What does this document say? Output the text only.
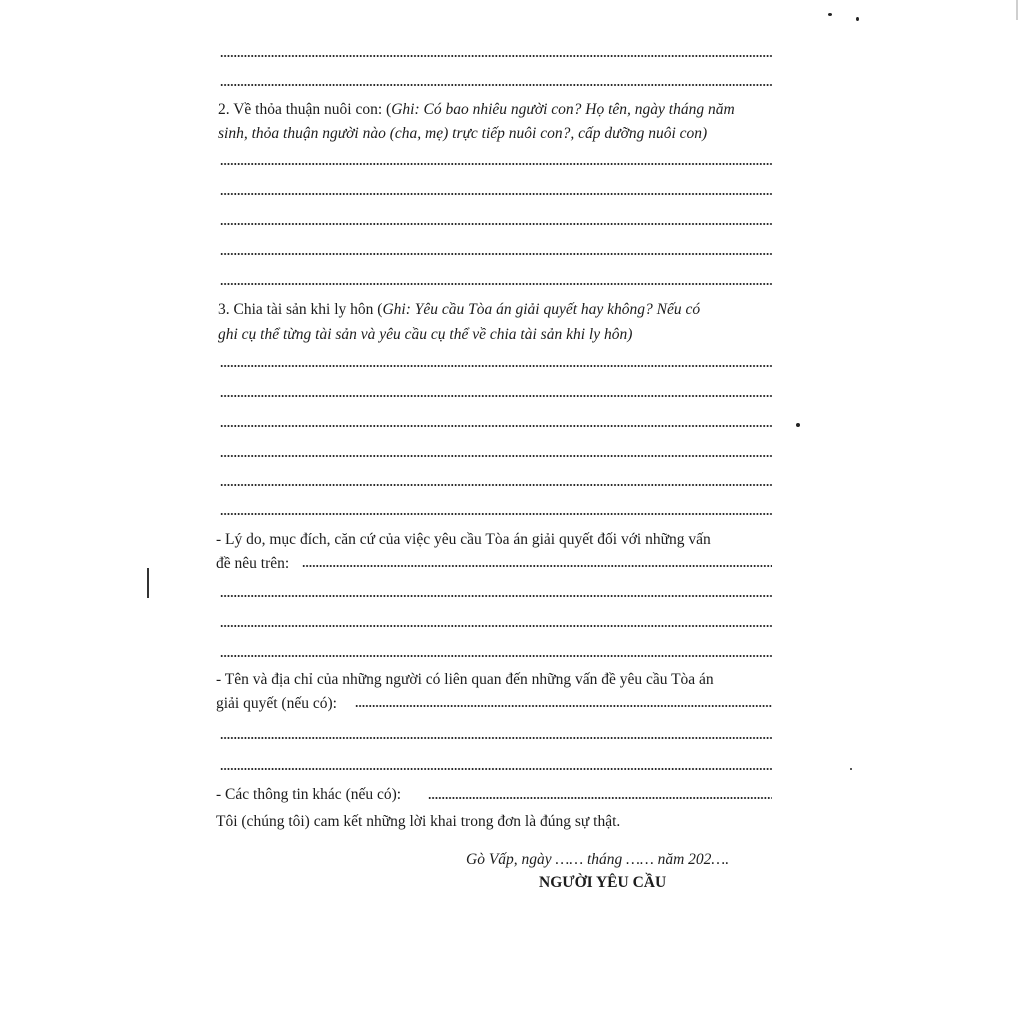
2. Về thỏa thuận nuôi con: (Ghi: Có bao nhiêu người con? Họ tên, ngày tháng năm
sinh, thỏa thuận người nào (cha, mẹ) trực tiếp nuôi con?, cấp dưỡng nuôi con)
3. Chia tài sản khi ly hôn (Ghi: Yêu cầu Tòa án giải quyết hay không? Nếu có
ghi cụ thể từng tài sản và yêu cầu cụ thể về chia tài sản khi ly hôn)
- Lý do, mục đích, căn cứ của việc yêu cầu Tòa án giải quyết đối với những vấn
đề nêu trên:
- Tên và địa chỉ của những người có liên quan đến những vấn đề yêu cầu Tòa án
giải quyết (nếu có):
- Các thông tin khác (nếu có):
Tôi (chúng tôi) cam kết những lời khai trong đơn là đúng sự thật.
Gò Vấp, ngày …… tháng …… năm 202….
NGƯỜI YÊU CẦU
